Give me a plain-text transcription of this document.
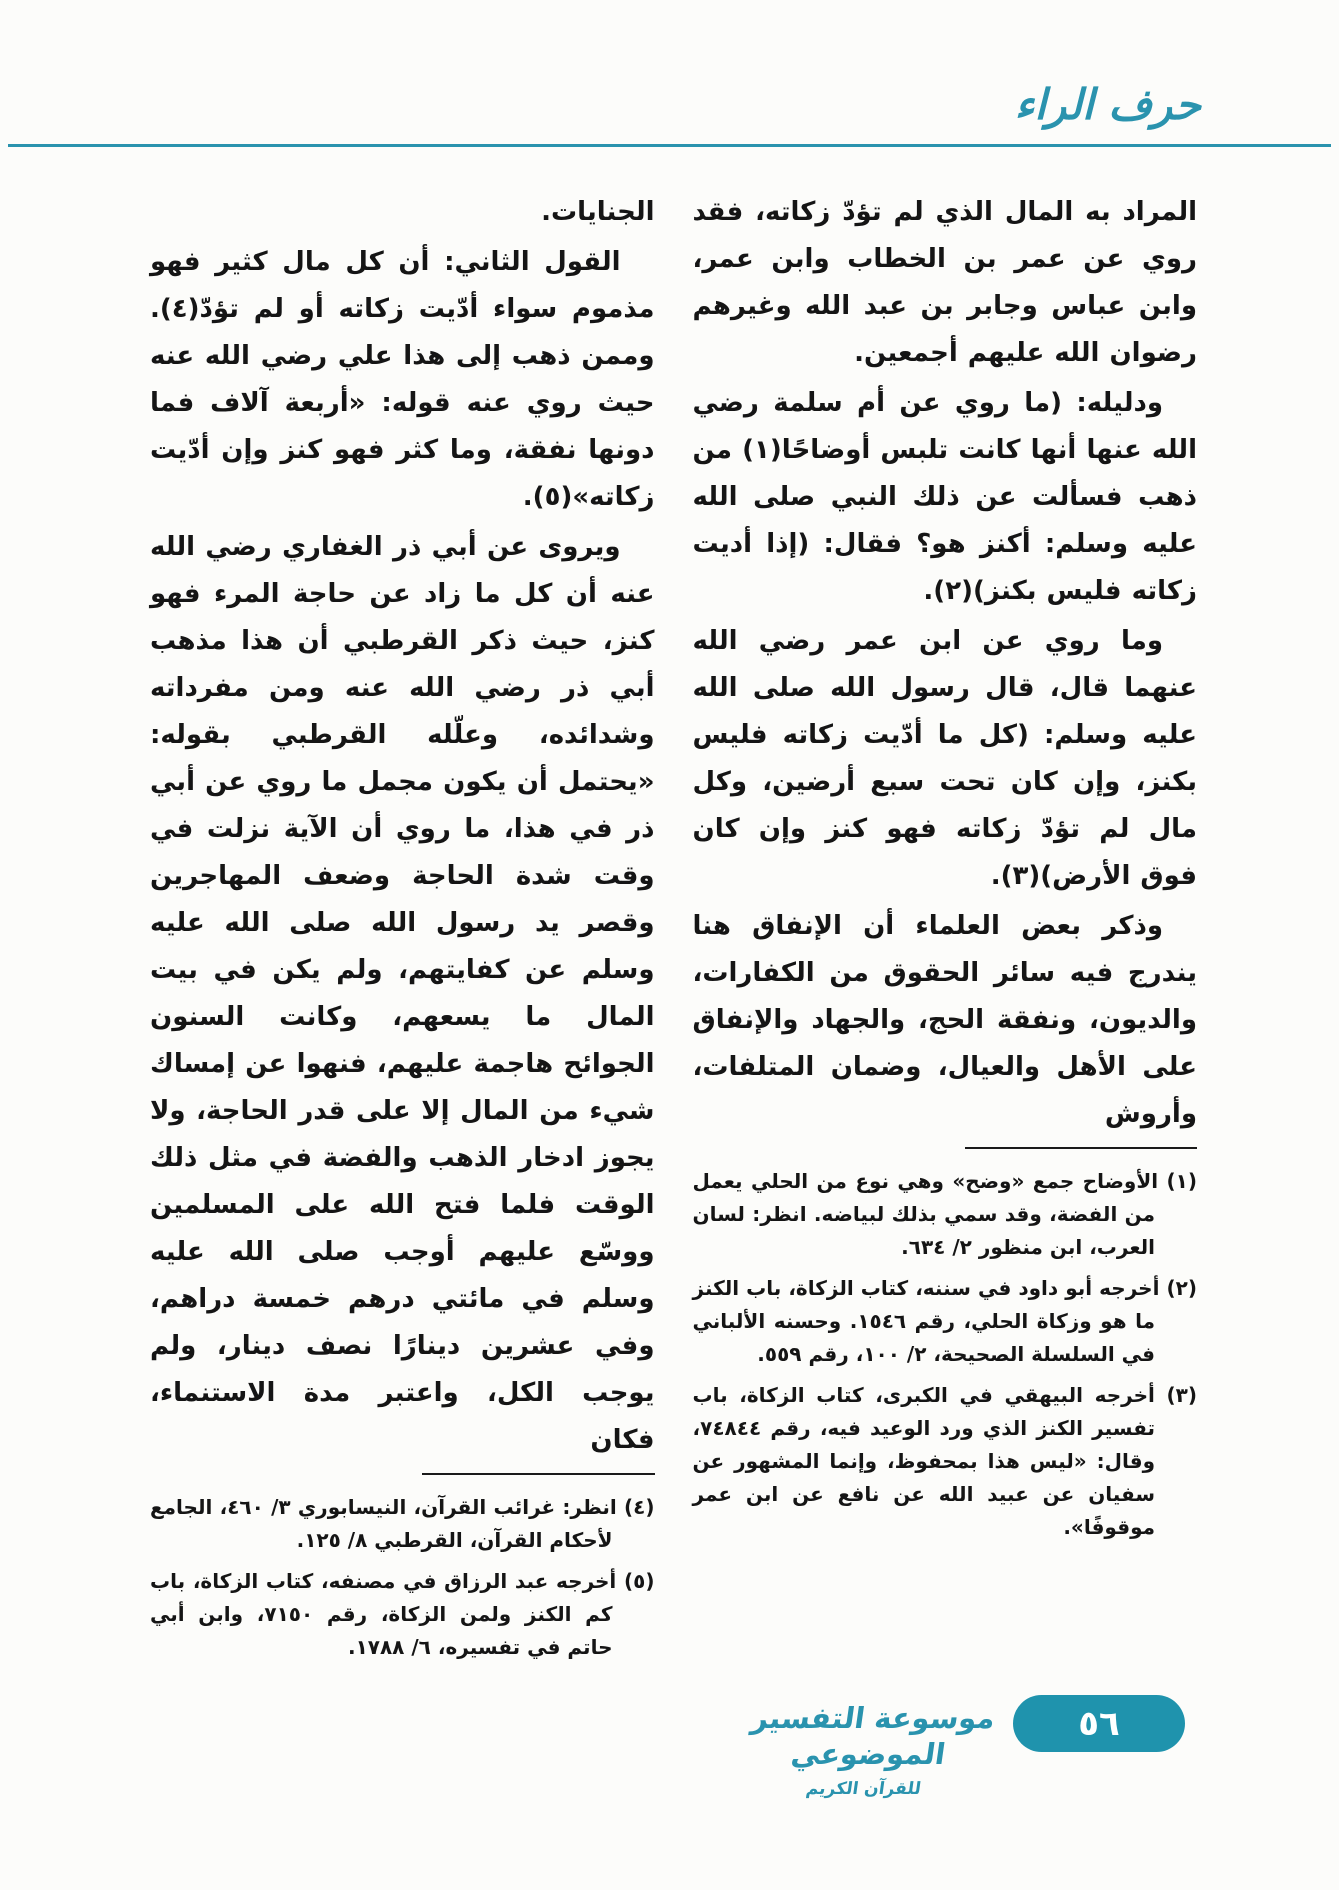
حرف الراء

المراد به المال الذي لم تؤدّ زكاته، فقد روي عن عمر بن الخطاب وابن عمر، وابن عباس وجابر بن عبد الله وغيرهم رضوان الله عليهم أجمعين.

ودليله: (ما روي عن أم سلمة رضي الله عنها أنها كانت تلبس أوضاحًا(١) من ذهب فسألت عن ذلك النبي صلى الله عليه وسلم: أكنز هو؟ فقال: (إذا أديت زكاته فليس بكنز)(٢).

وما روي عن ابن عمر رضي الله عنهما قال، قال رسول الله صلى الله عليه وسلم: (كل ما أدّيت زكاته فليس بكنز، وإن كان تحت سبع أرضين، وكل مال لم تؤدّ زكاته فهو كنز وإن كان فوق الأرض)(٣).

وذكر بعض العلماء أن الإنفاق هنا يندرج فيه سائر الحقوق من الكفارات، والديون، ونفقة الحج، والجهاد والإنفاق على الأهل والعيال، وضمان المتلفات، وأروش

(١) الأوضاح جمع «وضح» وهي نوع من الحلي يعمل من الفضة، وقد سمي بذلك لبياضه. انظر: لسان العرب، ابن منظور ٢/ ٦٣٤.

(٢) أخرجه أبو داود في سننه، كتاب الزكاة، باب الكنز ما هو وزكاة الحلي، رقم ١٥٤٦. وحسنه الألباني في السلسلة الصحيحة، ٢/ ١٠٠، رقم ٥٥٩.

(٣) أخرجه البيهقي في الكبرى، كتاب الزكاة، باب تفسير الكنز الذي ورد الوعيد فيه، رقم ٧٤٨٤٤، وقال: «ليس هذا بمحفوظ، وإنما المشهور عن سفيان عن عبيد الله عن نافع عن ابن عمر موقوفًا».

الجنايات.

القول الثاني: أن كل مال كثير فهو مذموم سواء أدّيت زكاته أو لم تؤدّ(٤). وممن ذهب إلى هذا علي رضي الله عنه حيث روي عنه قوله: «أربعة آلاف فما دونها نفقة، وما كثر فهو كنز وإن أدّيت زكاته»(٥).

ويروى عن أبي ذر الغفاري رضي الله عنه أن كل ما زاد عن حاجة المرء فهو كنز، حيث ذكر القرطبي أن هذا مذهب أبي ذر رضي الله عنه ومن مفرداته وشدائده، وعلّله القرطبي بقوله: «يحتمل أن يكون مجمل ما روي عن أبي ذر في هذا، ما روي أن الآية نزلت في وقت شدة الحاجة وضعف المهاجرين وقصر يد رسول الله صلى الله عليه وسلم عن كفايتهم، ولم يكن في بيت المال ما يسعهم، وكانت السنون الجوائح هاجمة عليهم، فنهوا عن إمساك شيء من المال إلا على قدر الحاجة، ولا يجوز ادخار الذهب والفضة في مثل ذلك الوقت فلما فتح الله على المسلمين ووسّع عليهم أوجب صلى الله عليه وسلم في مائتي درهم خمسة دراهم، وفي عشرين دينارًا نصف دينار، ولم يوجب الكل، واعتبر مدة الاستنماء، فكان

(٤) انظر: غرائب القرآن، النيسابوري ٣/ ٤٦٠، الجامع لأحكام القرآن، القرطبي ٨/ ١٢٥.

(٥) أخرجه عبد الرزاق في مصنفه، كتاب الزكاة، باب كم الكنز ولمن الزكاة، رقم ٧١٥٠، وابن أبي حاتم في تفسيره، ٦/ ١٧٨٨.

موسوعة التفسير الموضوعي
للقرآن الكريم
٥٦
